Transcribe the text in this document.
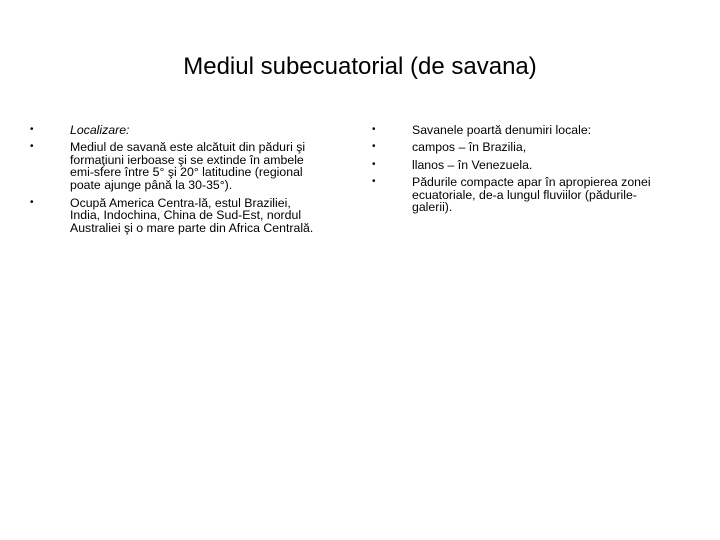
Mediul subecuatorial (de savana)
•	Localizare:
•	Mediul de savană este alcătuit din păduri şi
formaţiuni ierboase şi se extinde în ambele
emi-sfere între 5° şi 20° latitudine (regional
poate ajunge până la 30-35°).
•	Ocupă America Centra-lă, estul Braziliei,
India, Indochina, China de Sud-Est, nordul
Australiei şi o mare parte din Africa Centrală.
•	Savanele poartă denumiri locale:
•	campos – în Brazilia,
•	llanos – în Venezuela.
•	Pădurile compacte apar în apropierea zonei
ecuatoriale, de-a lungul fluviilor (pădurile-
galerii).
